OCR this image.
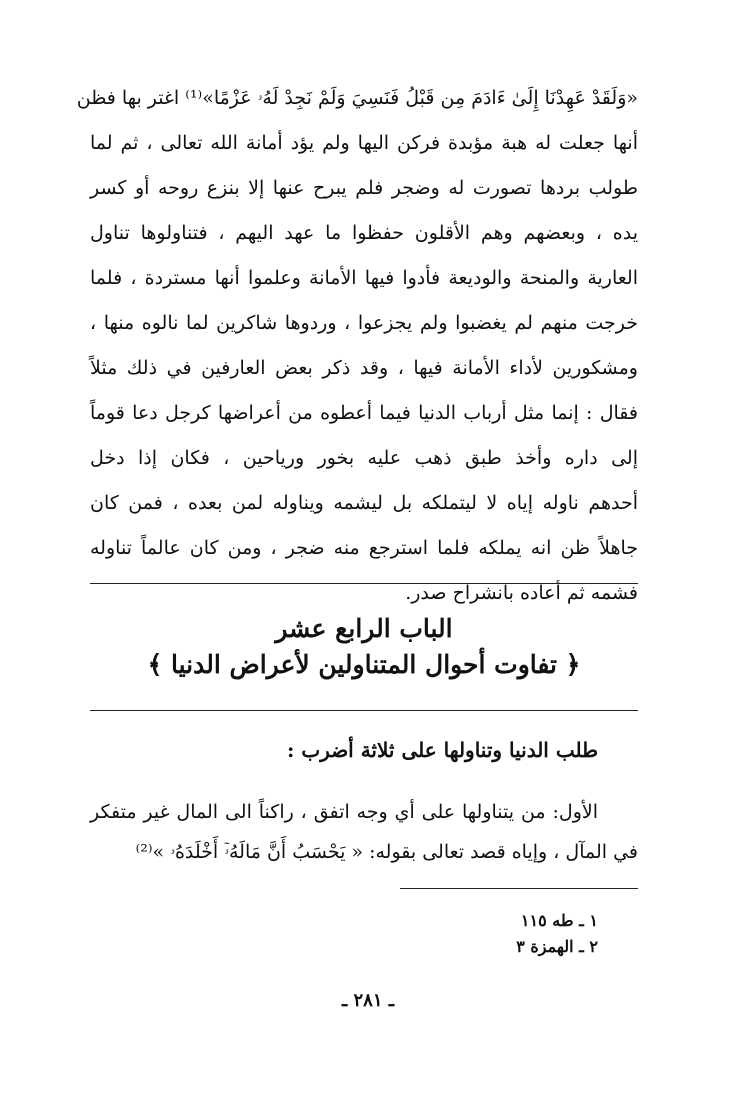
«وَلَقَدْ عَهِدْنَا إِلَىٰ ءَادَمَ مِن قَبْلُ فَنَسِيَ وَلَمْ نَجِدْ لَهُۥ عَزْمًا»⁽¹⁾ اغتر بها فظن
أنها جعلت له هبة مؤبدة فركن اليها ولم يؤد أمانة الله تعالى ، ثم لما
طولب بردها تصورت له وضجر فلم يبرح عنها إلا بنزع روحه أو كسر
يده ، وبعضهم وهم الأقلون حفظوا ما عهد اليهم ، فتناولوها تناول
العارية والمنحة والوديعة فأدوا فيها الأمانة وعلموا أنها مستردة ، فلما
خرجت منهم لم يغضبوا ولم يجزعوا ، وردوها شاكرين لما نالوه منها ،
ومشكورين لأداء الأمانة فيها ، وقد ذكر بعض العارفين في ذلك مثلاً
فقال : إنما مثل أرباب الدنيا فيما أعطوه من أعراضها كرجل دعا قوماً
إلى داره وأخذ طبق ذهب عليه بخور ورياحين ، فكان إذا دخل
أحدهم ناوله إياه لا ليتملكه بل ليشمه ويناوله لمن بعده ، فمن كان
جاهلاً ظن انه يملكه فلما استرجع منه ضجر ، ومن كان عالماً تناوله
فشمه ثم أعاده بانشراح صدر.
الباب الرابع عشر
﴿ تفاوت أحوال المتناولين لأعراض الدنيا ﴾
طلب الدنيا وتناولها على ثلاثة أضرب :
الأول: من يتناولها على أي وجه اتفق ، راكناً الى المال غير متفكر
في المآل ، وإياه قصد تعالى بقوله: « يَحْسَبُ أَنَّ مَالَهُۥٓ أَخْلَدَهُۥ »⁽²⁾
١ ـ طه ١١٥
٢ ـ الهمزة ٣
ـ ٢٨١ ـ
